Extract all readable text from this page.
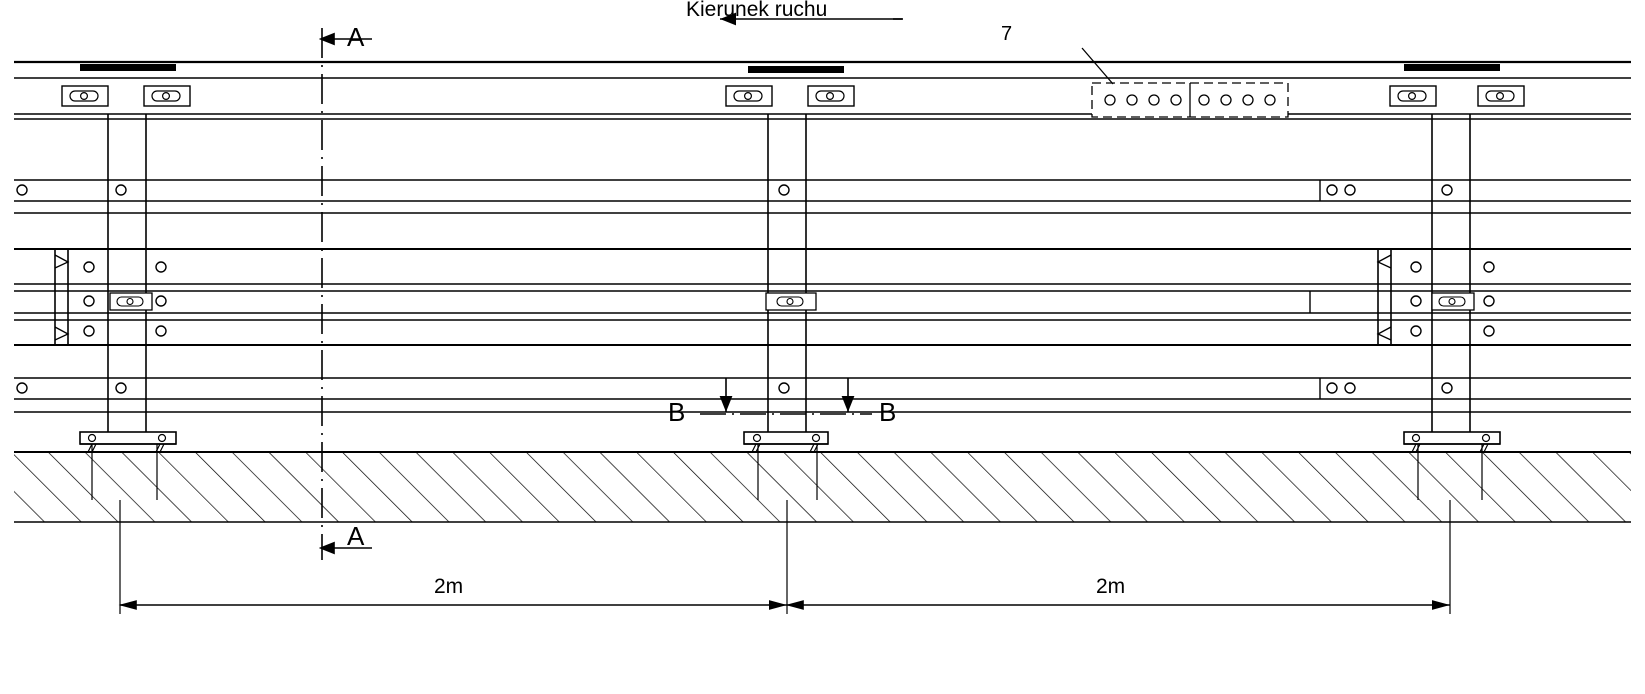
Kierunek ruchu
A
A
B	B
7
2m	2m
